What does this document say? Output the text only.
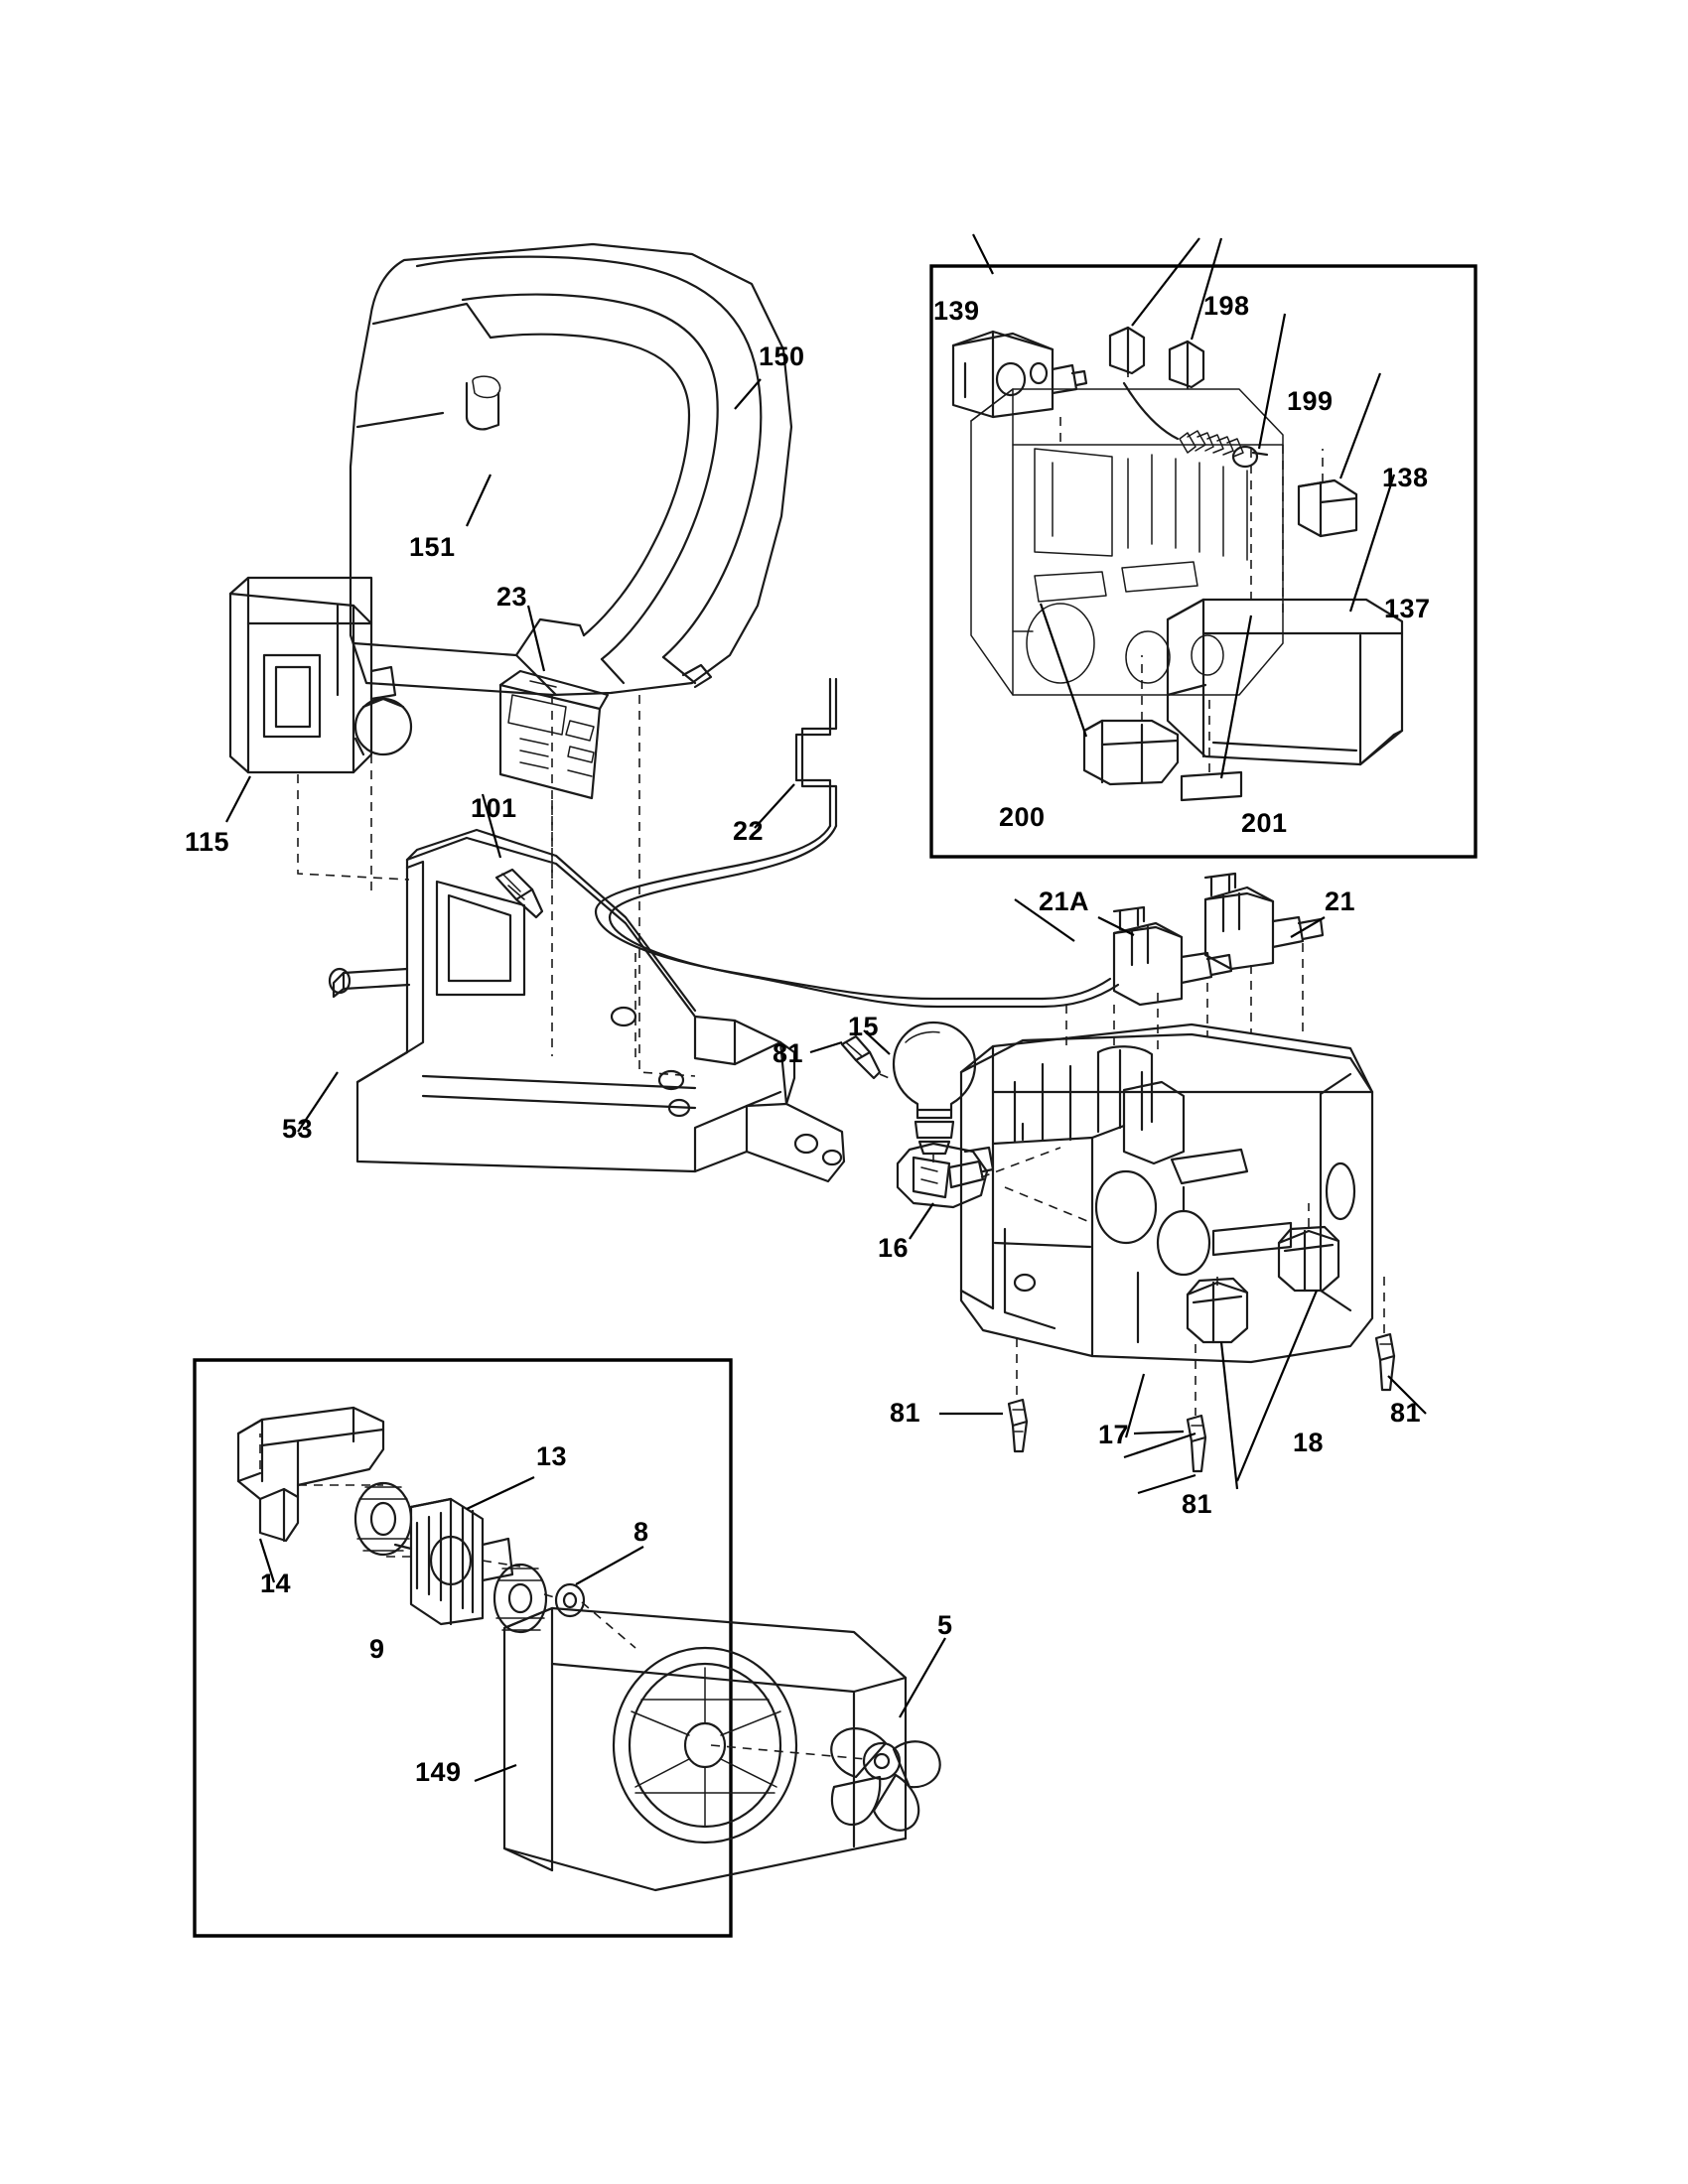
150
151
23
115
101
22
53
15
81
16
21A	21
81
17	18
81
81
139	198
199
138
137
200	201
13
14
9
8
5
149
